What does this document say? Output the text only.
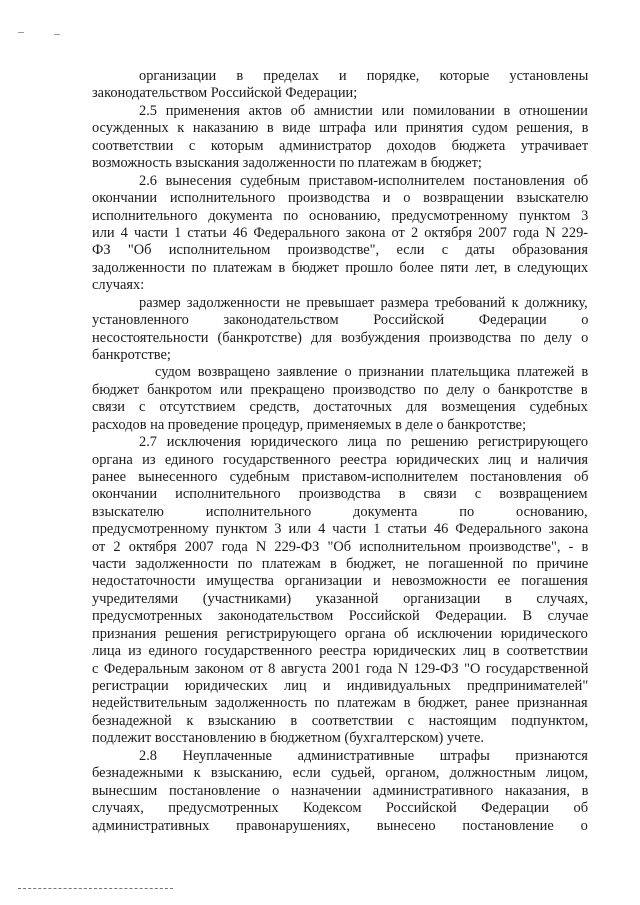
организации в пределах и порядке, которые установлены
законодательством Российской Федерации;
2.5 применения актов об амнистии или помиловании в отношении
осужденных к наказанию в виде штрафа или принятия судом решения, в
соответствии с которым администратор доходов бюджета утрачивает
возможность взыскания задолженности по платежам в бюджет;
2.6 вынесения судебным приставом-исполнителем постановления об
окончании исполнительного производства и о возвращении взыскателю
исполнительного документа по основанию, предусмотренному пунктом 3
или 4 части 1 статьи 46 Федерального закона от 2 октября 2007 года N 229-
ФЗ "Об исполнительном производстве", если с даты образования
задолженности по платежам в бюджет прошло более пяти лет, в следующих
случаях:
размер задолженности не превышает размера требований к должнику,
установленного законодательством Российской Федерации о
несостоятельности (банкротстве) для возбуждения производства по делу о
банкротстве;
судом возвращено заявление о признании плательщика платежей в
бюджет банкротом или прекращено производство по делу о банкротстве в
связи с отсутствием средств, достаточных для возмещения судебных
расходов на проведение процедур, применяемых в деле о банкротстве;
2.7 исключения юридического лица по решению регистрирующего
органа из единого государственного реестра юридических лиц и наличия
ранее вынесенного судебным приставом-исполнителем постановления об
окончании исполнительного производства в связи с возвращением
взыскателю исполнительного документа по основанию,
предусмотренному пунктом 3 или 4 части 1 статьи 46 Федерального закона
от 2 октября 2007 года N 229-ФЗ "Об исполнительном производстве", - в
части задолженности по платежам в бюджет, не погашенной по причине
недостаточности имущества организации и невозможности ее погашения
учредителями (участниками) указанной организации в случаях,
предусмотренных законодательством Российской Федерации. В случае
признания решения регистрирующего органа об исключении юридического
лица из единого государственного реестра юридических лиц в соответствии
с Федеральным законом от 8 августа 2001 года N 129-ФЗ "О государственной
регистрации юридических лиц и индивидуальных предпринимателей"
недействительным задолженность по платежам в бюджет, ранее признанная
безнадежной к взысканию в соответствии с настоящим подпунктом,
подлежит восстановлению в бюджетном (бухгалтерском) учете.
2.8 Неуплаченные административные штрафы признаются
безнадежными к взысканию, если судьей, органом, должностным лицом,
вынесшим постановление о назначении административного наказания, в
случаях, предусмотренных Кодексом Российской Федерации об
административных правонарушениях, вынесено постановление о
